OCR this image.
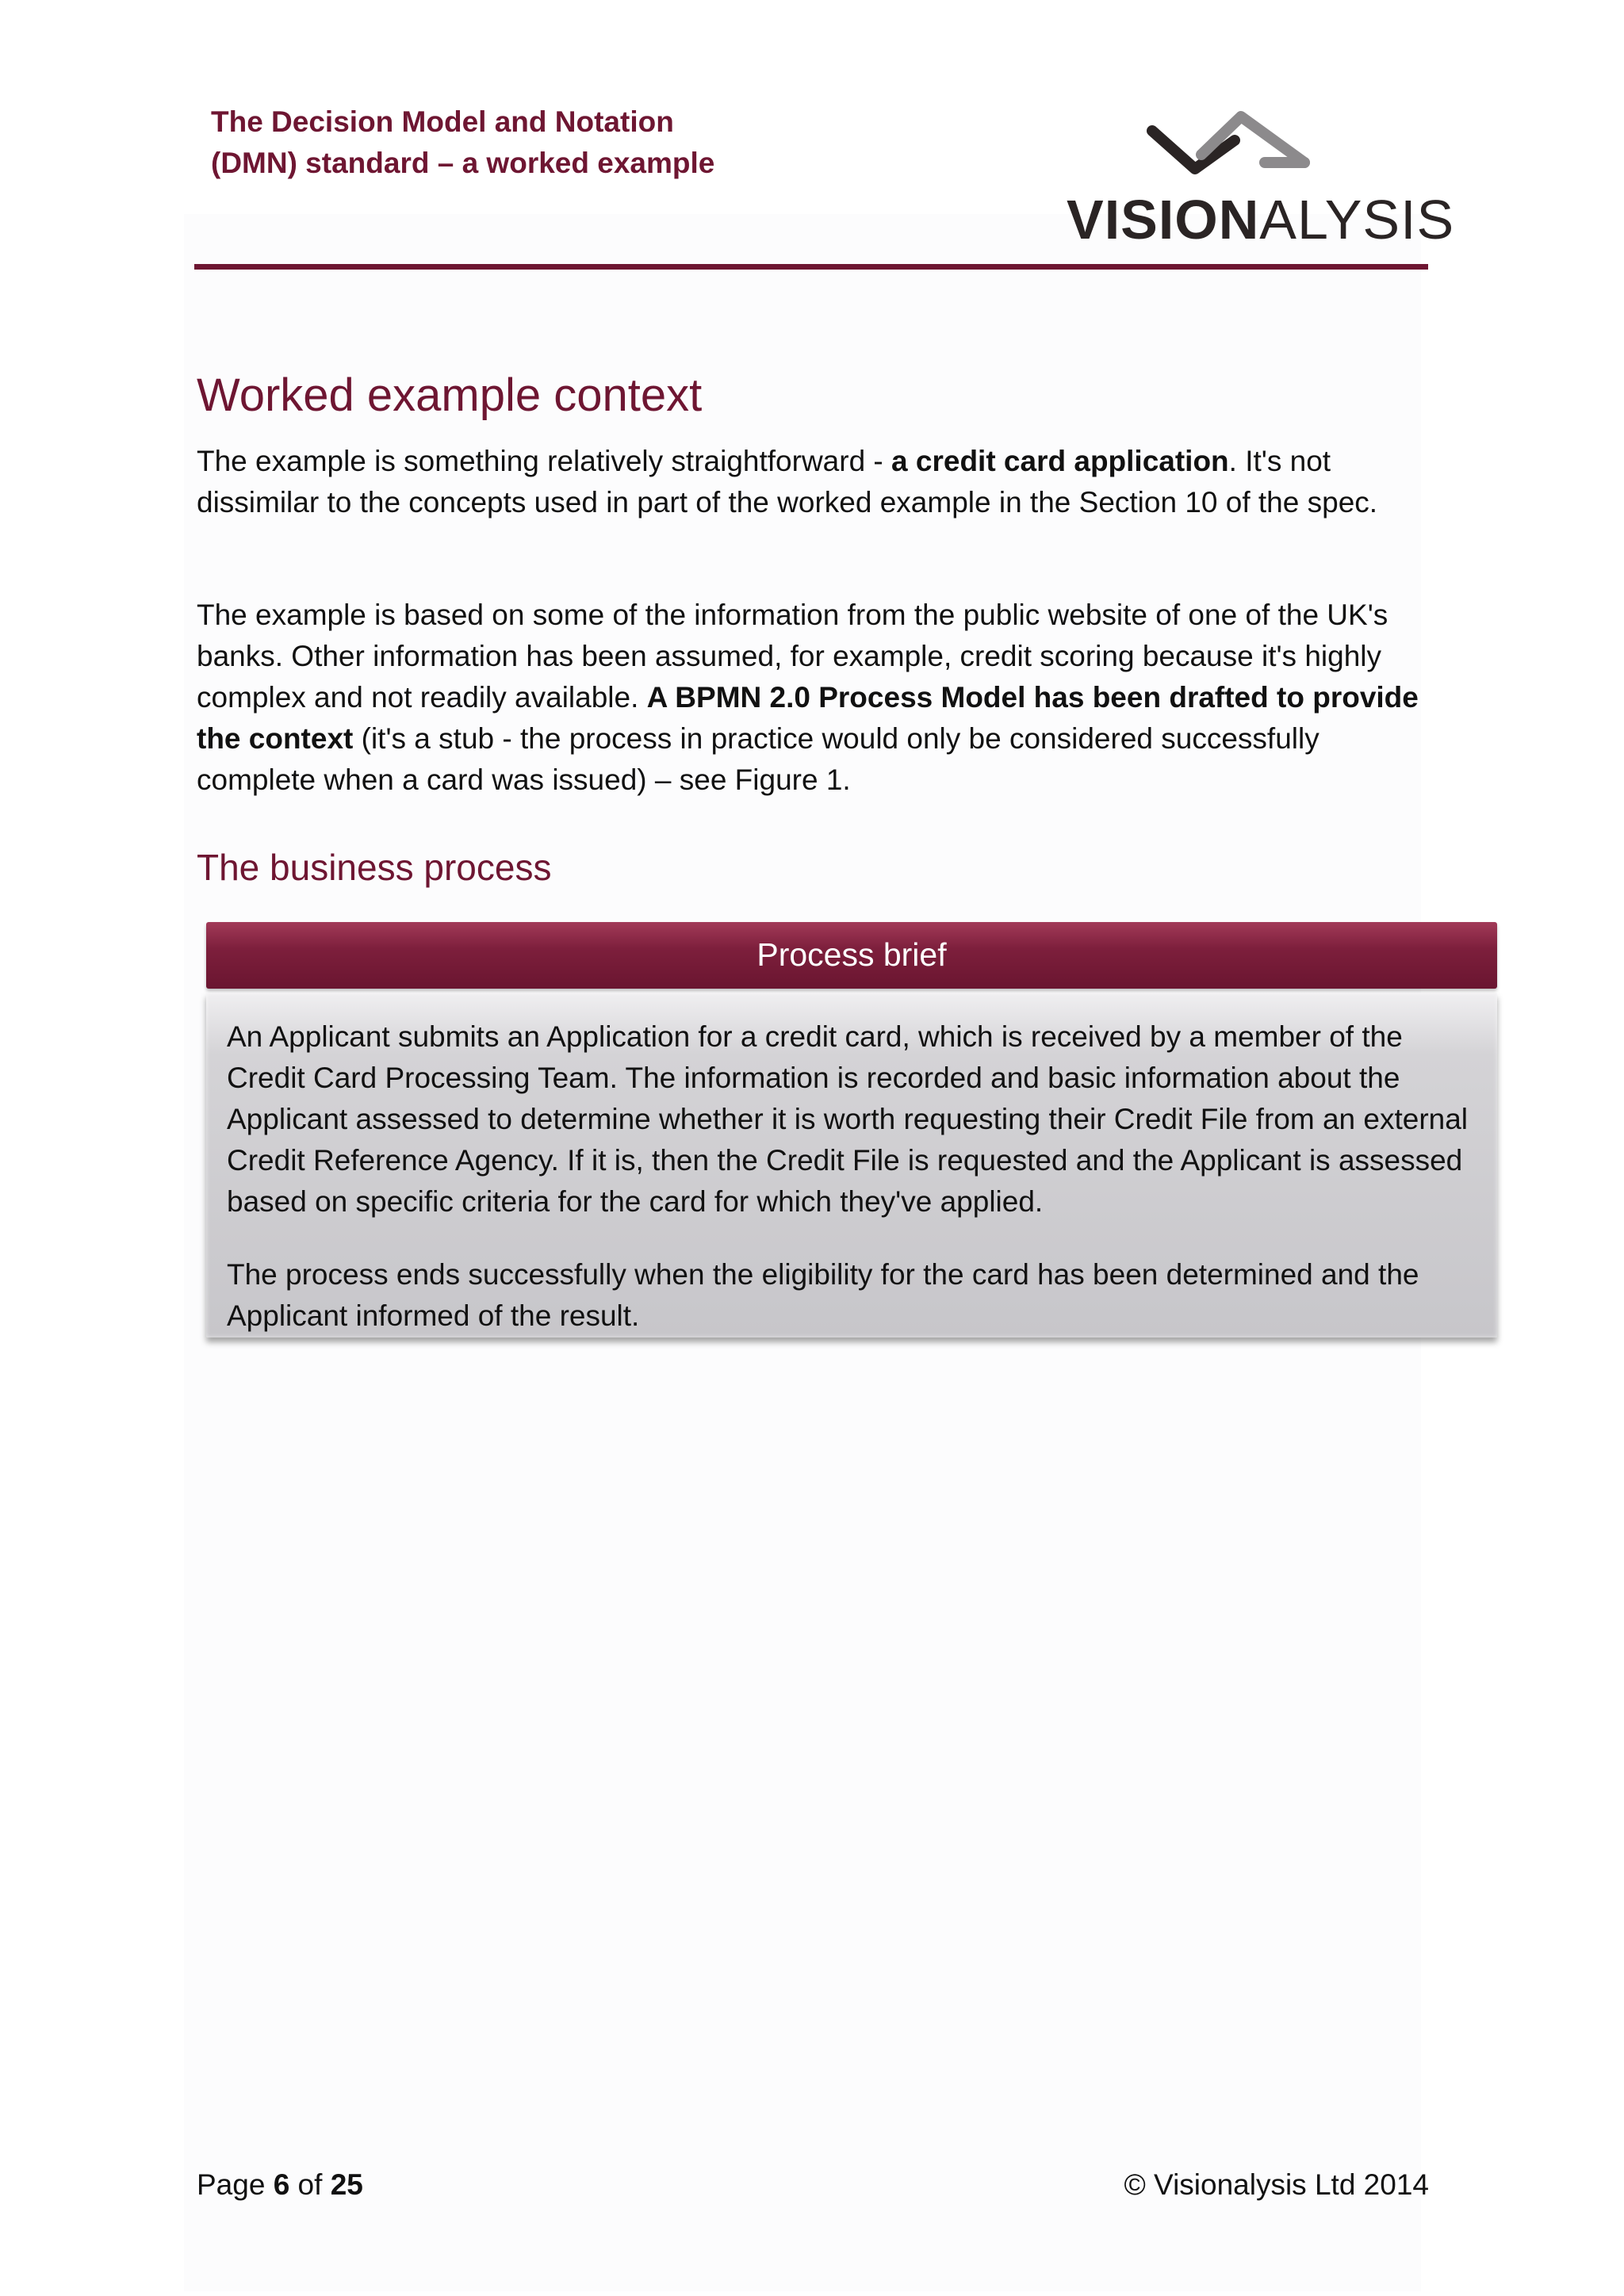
The Decision Model and Notation
(DMN) standard – a worked example
VISIONALYSIS
Worked example context

The example is something relatively straightforward - a credit card application. It's not dissimilar to the concepts used in part of the worked example in the Section 10 of the spec.

The example is based on some of the information from the public website of one of the UK's banks. Other information has been assumed, for example, credit scoring because it's highly complex and not readily available. A BPMN 2.0 Process Model has been drafted to provide the context (it's a stub - the process in practice would only be considered successfully complete when a card was issued) – see Figure 1.

The business process
Process brief

An Applicant submits an Application for a credit card, which is received by a member of the Credit Card Processing Team. The information is recorded and basic information about the Applicant assessed to determine whether it is worth requesting their Credit File from an external Credit Reference Agency. If it is, then the Credit File is requested and the Applicant is assessed based on specific criteria for the card for which they've applied.

The process ends successfully when the eligibility for the card has been determined and the Applicant informed of the result.

Page 6 of 25	© Visionalysis Ltd 2014
